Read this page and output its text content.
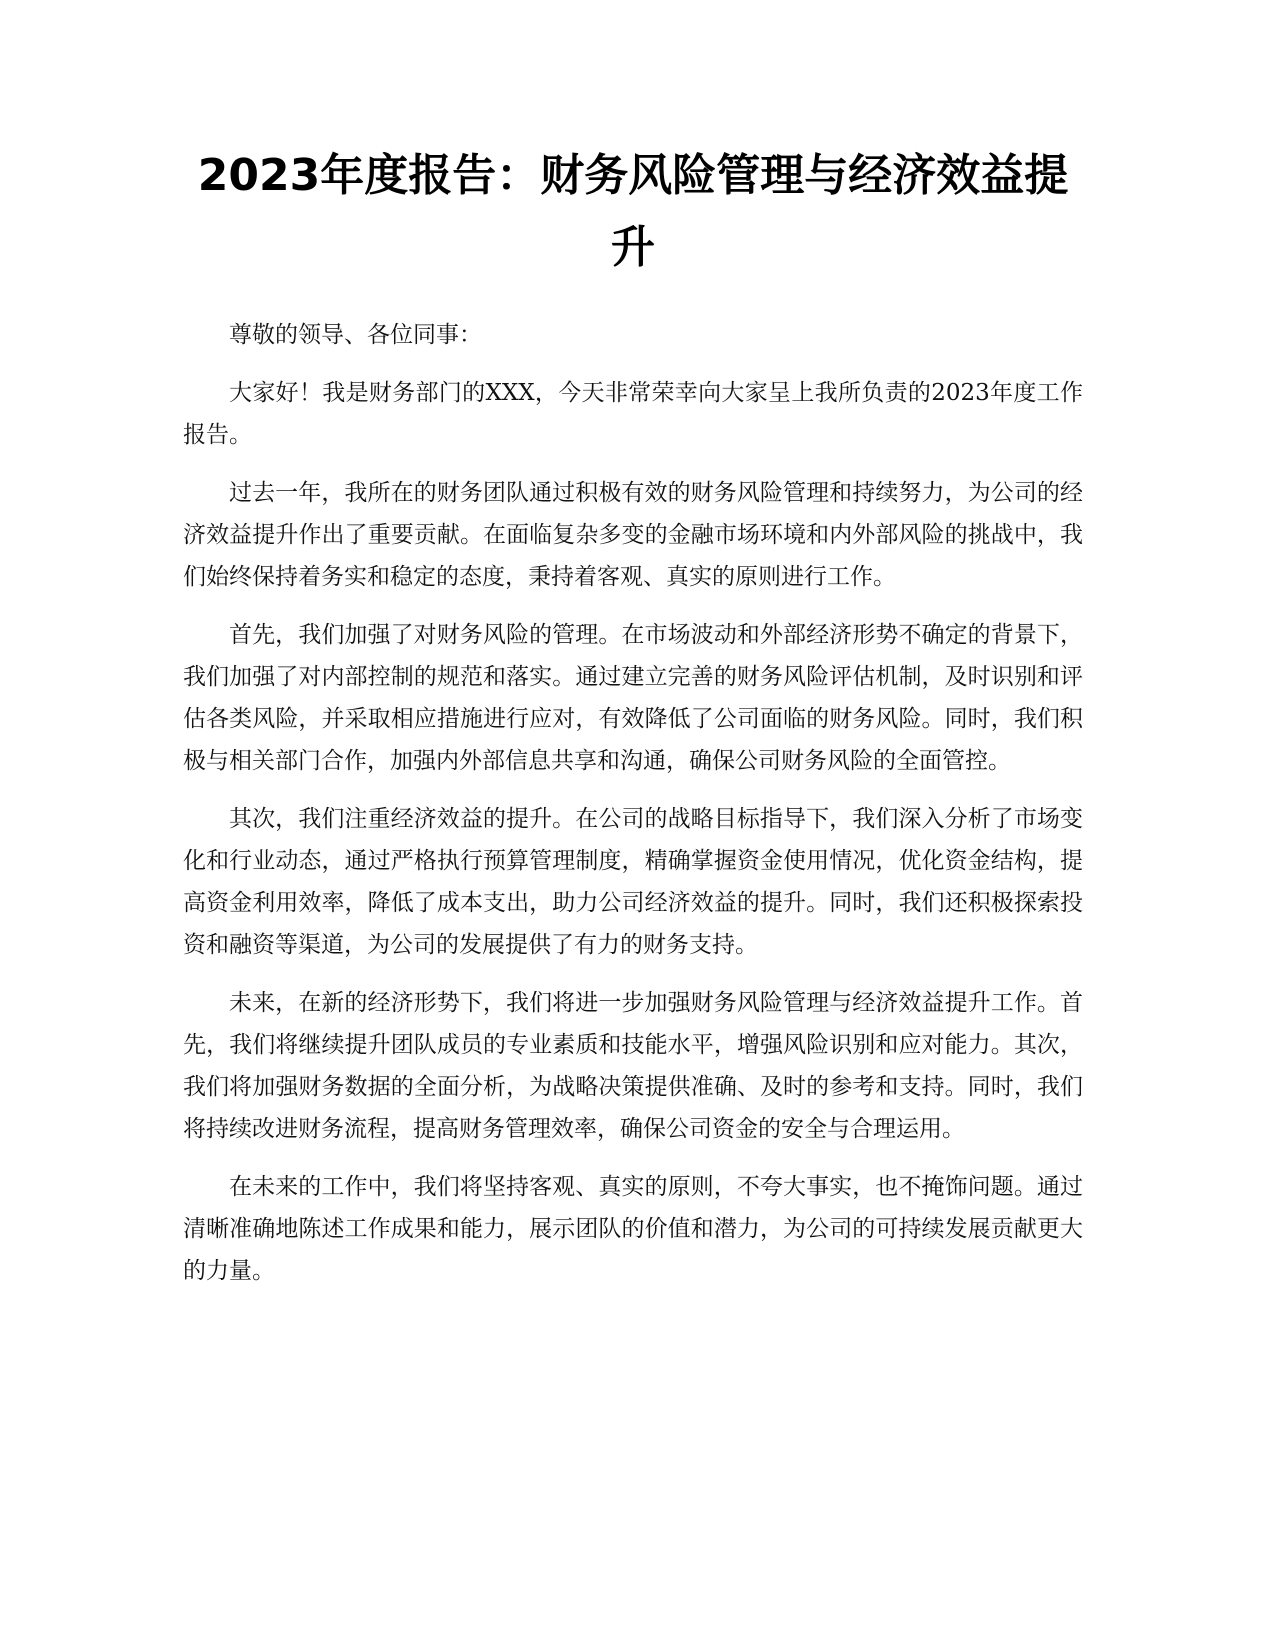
2023年度报告：财务风险管理与经济效益提升

尊敬的领导、各位同事：

大家好！我是财务部门的XXX，今天非常荣幸向大家呈上我所负责的2023年度工作报告。

过去一年，我所在的财务团队通过积极有效的财务风险管理和持续努力，为公司的经济效益提升作出了重要贡献。在面临复杂多变的金融市场环境和内外部风险的挑战中，我们始终保持着务实和稳定的态度，秉持着客观、真实的原则进行工作。

首先，我们加强了对财务风险的管理。在市场波动和外部经济形势不确定的背景下，我们加强了对内部控制的规范和落实。通过建立完善的财务风险评估机制，及时识别和评估各类风险，并采取相应措施进行应对，有效降低了公司面临的财务风险。同时，我们积极与相关部门合作，加强内外部信息共享和沟通，确保公司财务风险的全面管控。

其次，我们注重经济效益的提升。在公司的战略目标指导下，我们深入分析了市场变化和行业动态，通过严格执行预算管理制度，精确掌握资金使用情况，优化资金结构，提高资金利用效率，降低了成本支出，助力公司经济效益的提升。同时，我们还积极探索投资和融资等渠道，为公司的发展提供了有力的财务支持。

未来，在新的经济形势下，我们将进一步加强财务风险管理与经济效益提升工作。首先，我们将继续提升团队成员的专业素质和技能水平，增强风险识别和应对能力。其次，我们将加强财务数据的全面分析，为战略决策提供准确、及时的参考和支持。同时，我们将持续改进财务流程，提高财务管理效率，确保公司资金的安全与合理运用。

在未来的工作中，我们将坚持客观、真实的原则，不夸大事实，也不掩饰问题。通过清晰准确地陈述工作成果和能力，展示团队的价值和潜力，为公司的可持续发展贡献更大的力量。
